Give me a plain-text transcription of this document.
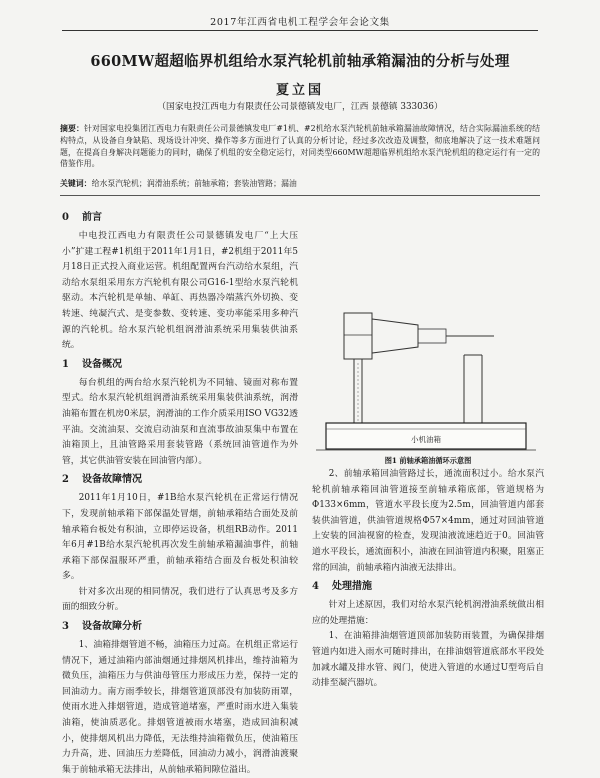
2017年江西省电机工程学会年会论文集
660MW超超临界机组给水泵汽轮机前轴承箱漏油的分析与处理
夏立国
（国家电投江西电力有限责任公司景德镇发电厂，江西 景德镇 333036）

摘要：针对国家电投集团江西电力有限责任公司景德镇发电厂#1机、#2机给水泵汽轮机前轴承箱漏油故障情况，结合实际漏油系统的结构特点，从设备自身缺陷、现场设计冲突、操作等多方面进行了认真的分析讨论，经过多次改造及调整，彻底地解决了这一技术难题问题，在提高自身解决问题能力的同时，确保了机组的安全稳定运行，对同类型660MW超超临界机组给水泵汽轮机组的稳定运行有一定的借鉴作用。

关键词：给水泵汽轮机；润滑油系统；前轴承箱；套装油管路；漏油

0 前言

中电投江西电力有限责任公司景德镇发电厂“上大压小”扩建工程#1机组于2011年1月1日，#2机组于2011年5月18日正式投入商业运营。机组配置两台汽动给水泵组，汽动给水泵组采用东方汽轮机有限公司G16-1型给水泵汽轮机驱动。本汽轮机是单轴、单缸、再热器冷端蒸汽外切换、变转速、纯凝汽式、是变参数、变转速、变功率能采用多种汽源的汽轮机。给水泵汽轮机组润滑油系统采用集装供油系统。

1 设备概况

每台机组的两台给水泵汽轮机为不同轴、镜面对称布置型式。给水泵汽轮机组润滑油系统采用集装供油系统，润滑油箱布置在机房0米层，润滑油的工作介质采用ISO VG32透平油。交流油泵、交流启动油泵和直流事故油泵集中布置在油箱顶上，且油管路采用套装管路（系统回油管道作为外管，其它供油管安装在回油管内部）。

2 设备故障情况

2011年1月10日，#1B给水泵汽轮机在正常运行情况下，发现前轴承箱下部保温处冒烟，前轴承箱结合面处及前轴承箱台板处有积油，立即停运设备，机组RB动作。2011年6月#1B给水泵汽轮机再次发生前轴承箱漏油事件，前轴承箱下部保温服环严重，前轴承箱结合面及台板处积油较多。

针对多次出现的相同情况，我们进行了认真思考及多方面的细致分析。

3 设备故障分析

1、油箱排烟管道不畅，油箱压力过高。在机组正常运行情况下，通过油箱内部油烟通过排烟风机排出，维持油箱为微负压，油箱压力与供油母管压力形成压力差，保持一定的回油动力。南方雨季较长，排烟管道顶部没有加装防雨罩，使雨水进入排烟管道，造成管道堵塞，严重时雨水进入集装油箱，使油质恶化。排烟管道被雨水堵塞，造成回油积减小，使排烟风机出力降低，无法维持油箱微负压，使油箱压力升高，进、回油压力差降低，回油动力减小，润滑油渡聚集于前轴承箱无法排出，从前轴承箱间隙位溢出。

小机油箱
图1 前轴承箱油循环示意图

2、前轴承箱回油管路过长，通流面积过小。给水泵汽轮机前轴承箱回油管道接至前轴承箱底部，管道规格为Φ133×6mm，管道水平段长度为2.5m，回油管道内部套装供油管道，供油管道规格Φ57×4mm，通过对回油管道上安装的回油视窗的检查，发现油液流速趋近于0。回油管道水平段长，通流面积小，油液在回油管道内积聚，阻塞正常的回油，前轴承箱内油液无法排出。

4 处理措施

针对上述原因，我们对给水泵汽轮机润滑油系统做出相应的处理措施：

1、在油箱排油烟管道顶部加装防雨装置，为确保排烟管道内如进入雨水可随时排出，在排油烟管道底部水平段处加减水罐及排水管、阀门，使进入管道的水通过U型弯后自动排至凝汽器坑。
